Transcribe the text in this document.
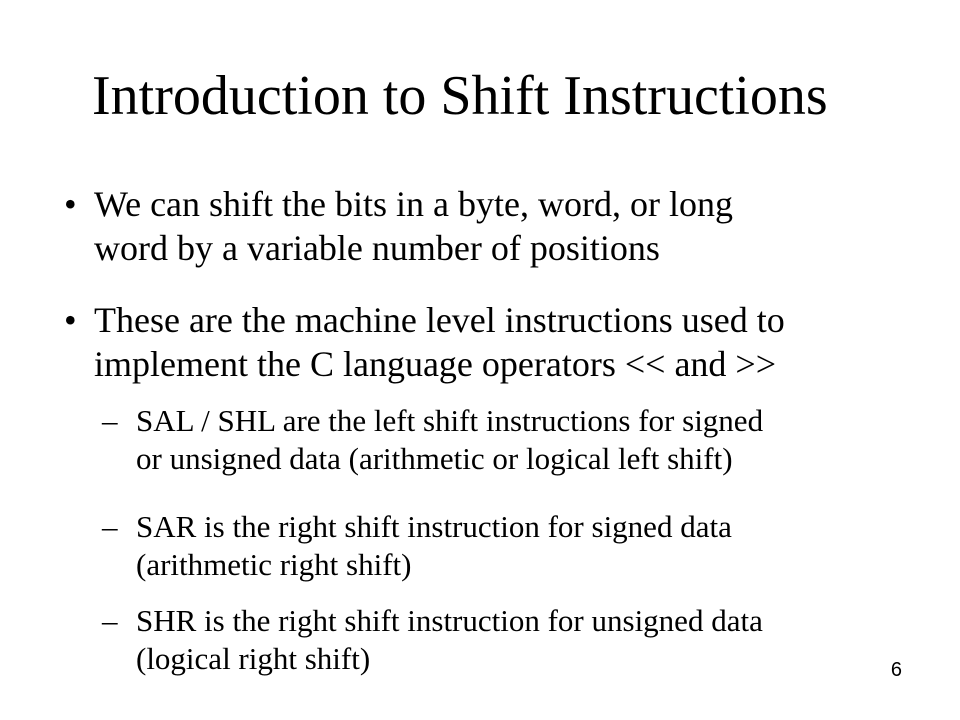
Introduction to Shift Instructions
• We can shift the bits in a byte, word, or long
word by a variable number of positions
• These are the machine level instructions used to
implement the C language operators << and >>
– SAL / SHL are the left shift instructions for signed
or unsigned data (arithmetic or logical left shift)
– SAR is the right shift instruction for signed data
(arithmetic right shift)
– SHR is the right shift instruction for unsigned data
(logical right shift)	6
